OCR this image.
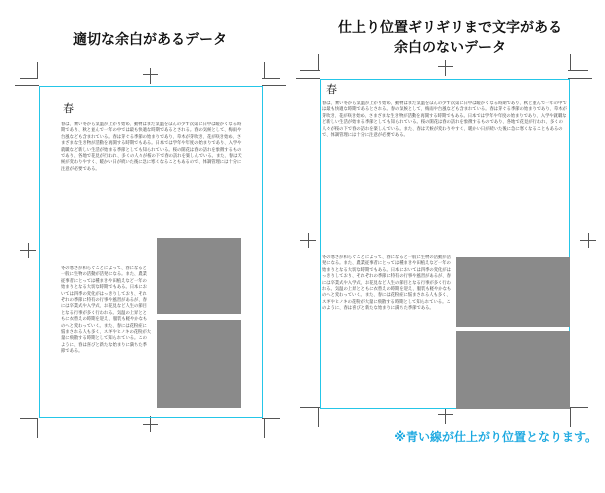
適切な余白があるデータ
仕上り位置ギリギリまで文字がある
余白のないデータ
春
春は、乗い冬から気温が上がり始め、動物はまだ気温をほんの少ず次第に日中は暖かくなる時期であり、秋と並んで一年の中では最も快適な時期であるとされる。春の気候として、梅雨や台風なども含まれている。春は芽ぐる季節の始まりであり、草木が芽吹き、花が咲き始め、さまざまな生き物が活動を再開する時期でもある。日本では学年や年度の始まりであり、入学や就職など新しい生活が始まる季節としても知られている。桜の開花は春の訪れを象徴するものであり、各地で花見が行われ、多くの人々が桜の下で春の訪れを楽しんでいる。また、春は天候が変わりやすく、暖かい日が続いた後に急に寒くなることもあるので、体調管理には十分に注意が必要である。
冬の寒さが和らぐことによって、春になると一般に生物の活動が活発になる。また、農業従事者にとっては種まきや田植えなど一年の始まりとなる大切な時期でもある。日本においては四季の変化がはっきりしており、それぞれの季節に特有の行事や風習があるが、春には卒業式や入学式、お花見など人生の節目となる行事が多く行われる。気温の上昇とともに衣替えの時期を迎え、服装も軽やかなものへと変わっていく。また、春には花粉症に悩まされる人も多く、スギやヒノキの花粉が大量に飛散する時期として知られている。このように、春は喜びと新たな始まりに満ちた季節である。
春
春は、乗い冬から気温が上がり始め、動物はまだ気温をほんの少ず次第に日中は暖かくなる時期であり、秋と並んで一年の中では最も快適な時期であるとされる。春の気候として、梅雨や台風なども含まれている。春は芽ぐる季節の始まりであり、草木が芽吹き、花が咲き始め、さまざまな生き物が活動を再開する時期でもある。日本では学年や年度の始まりであり、入学や就職など新しい生活が始まる季節としても知られている。桜の開花は春の訪れを象徴するものであり、各地で花見が行われ、多くの人々が桜の下で春の訪れを楽しんでいる。また、春は天候が変わりやすく、暖かい日が続いた後に急に寒くなることもあるので、体調管理には十分に注意が必要である。
冬の寒さが和らぐことによって、春になると一般に生物の活動が活発になる。また、農業従事者にとっては種まきや田植えなど一年の始まりとなる大切な時期でもある。日本においては四季の変化がはっきりしており、それぞれの季節に特有の行事や風習があるが、春には卒業式や入学式、お花見など人生の節目となる行事が多く行われる。気温の上昇とともに衣替えの時期を迎え、服装も軽やかなものへと変わっていく。また、春には花粉症に悩まされる人も多く、スギやヒノキの花粉が大量に飛散する時期として知られている。このように、春は喜びと新たな始まりに満ちた季節である。
※青い線が仕上がり位置となります。
